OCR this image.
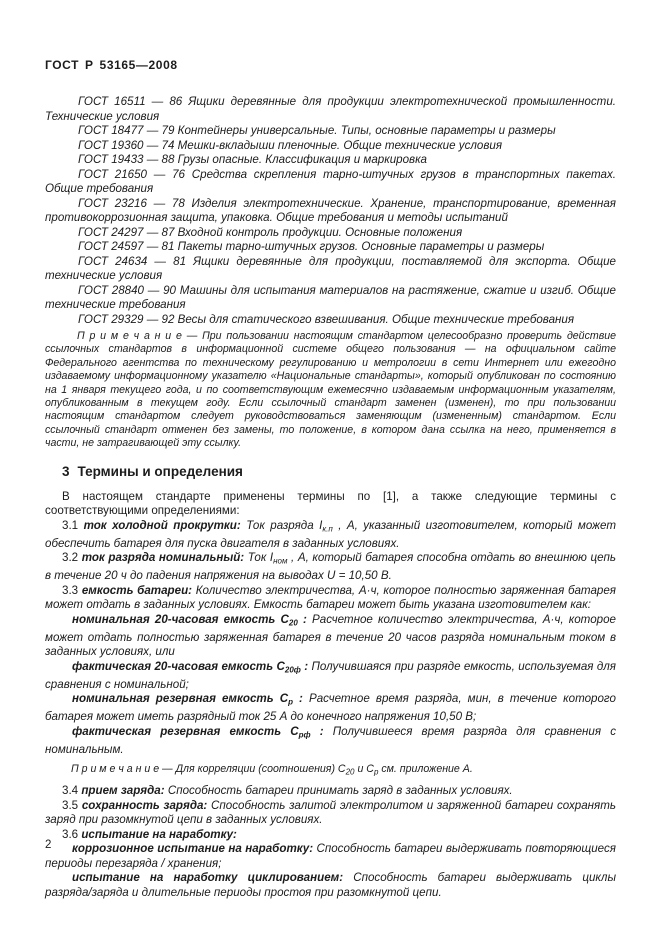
ГОСТ Р 53165—2008

ГОСТ 16511 — 86 Ящики деревянные для продукции электротехнической промышленности. Технические условия

ГОСТ 18477 — 79 Контейнеры универсальные. Типы, основные параметры и размеры

ГОСТ 19360 — 74 Мешки-вкладыши пленочные. Общие технические условия

ГОСТ 19433 — 88 Грузы опасные. Классификация и маркировка

ГОСТ 21650 — 76 Средства скрепления тарно-штучных грузов в транспортных пакетах. Общие требования

ГОСТ 23216 — 78 Изделия электротехнические. Хранение, транспортирование, временная противокоррозионная защита, упаковка. Общие требования и методы испытаний

ГОСТ 24297 — 87 Входной контроль продукции. Основные положения

ГОСТ 24597 — 81 Пакеты тарно-штучных грузов. Основные параметры и размеры

ГОСТ 24634 — 81 Ящики деревянные для продукции, поставляемой для экспорта. Общие технические условия

ГОСТ 28840 — 90 Машины для испытания материалов на растяжение, сжатие и изгиб. Общие технические требования

ГОСТ 29329 — 92 Весы для статического взвешивания. Общие технические требования

П р и м е ч а н и е — При пользовании настоящим стандартом целесообразно проверить действие ссылочных стандартов в информационной системе общего пользования — на официальном сайте Федерального агентства по техническому регулированию и метрологии в сети Интернет или ежегодно издаваемому информационному указателю «Национальные стандарты», который опубликован по состоянию на 1 января текущего года, и по соответствующим ежемесячно издаваемым информационным указателям, опубликованным в текущем году. Если ссылочный стандарт заменен (изменен), то при пользовании настоящим стандартом следует руководствоваться заменяющим (измененным) стандартом. Если ссылочный стандарт отменен без замены, то положение, в котором дана ссылка на него, применяется в части, не затрагивающей эту ссылку.

3 Термины и определения

В настоящем стандарте применены термины по [1], а также следующие термины с соответствующими определениями:

3.1 ток холодной прокрутки: Ток разряда $I_{к.п}$ , А, указанный изготовителем, который может обеспечить батарея для пуска двигателя в заданных условиях.

3.2 ток разряда номинальный: Ток $I_{ном}$ , А, который батарея способна отдать во внешнюю цепь в течение 20 ч до падения напряжения на выводах U = 10,50 В.

3.3 емкость батареи: Количество электричества, А·ч, которое полностью заряженная батарея может отдать в заданных условиях. Емкость батареи может быть указана изготовителем как:

номинальная 20-часовая емкость $С_{20}$ : Расчетное количество электричества, А·ч, которое может отдать полностью заряженная батарея в течение 20 часов разряда номинальным током в заданных условиях, или

фактическая 20-часовая емкость $С_{20ф}$ : Получившаяся при разряде емкость, используемая для сравнения с номинальной;

номинальная резервная емкость $С_р$ : Расчетное время разряда, мин, в течение которого батарея может иметь разрядный ток 25 А до конечного напряжения 10,50 В;

фактическая резервная емкость $С_{рф}$ : Получившееся время разряда для сравнения с номинальным.

П р и м е ч а н и е — Для корреляции (соотношения) $С_{20}$ и $С_р$ см. приложение А.

3.4 прием заряда: Способность батареи принимать заряд в заданных условиях.

3.5 сохранность заряда: Способность залитой электролитом и заряженной батареи сохранять заряд при разомкнутой цепи в заданных условиях.

3.6 испытание на наработку:

коррозионное испытание на наработку: Способность батареи выдерживать повторяющиеся периоды перезаряда / хранения;

испытание на наработку циклированием: Способность батареи выдерживать циклы разряда/заряда и длительные периоды простоя при разомкнутой цепи.

2
